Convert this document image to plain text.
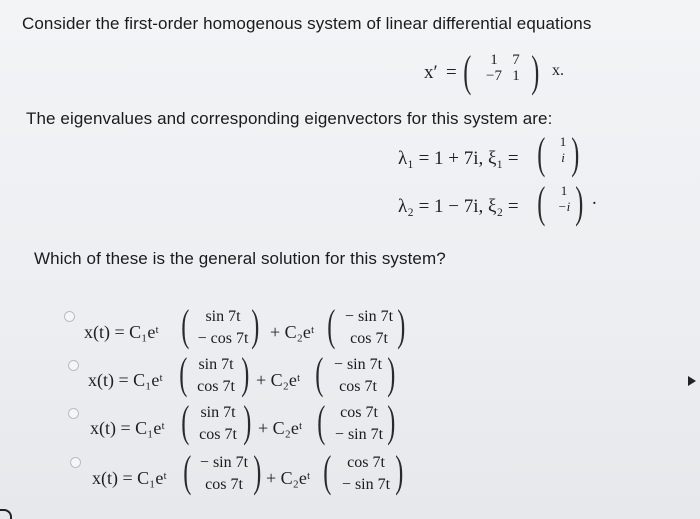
Consider the first-order homogenous system of linear differential equations
x′ = (	1 7
−7 1 ) x.
The eigenvalues and corresponding eigenvectors for this system are:
λ₁ = 1 + 7i, ξ₁ = (	1
i )
λ₂ = 1 − 7i, ξ₂ = (	1
−i ) .
Which of these is the general solution for this system?
x(t) = C₁eᵗ (	sin 7t
− cos 7t ) + C₂eᵗ ( − sin 7t
cos 7t )
x(t) = C₁eᵗ ( sin 7t
cos 7t ) + C₂eᵗ ( − sin 7t
cos 7t )
x(t) = C₁eᵗ ( sin 7t
cos 7t ) + C₂eᵗ ( cos 7t
− sin 7t )
x(t) = C₁eᵗ ( − sin 7t
cos 7t ) + C₂eᵗ ( cos 7t
− sin 7t )
